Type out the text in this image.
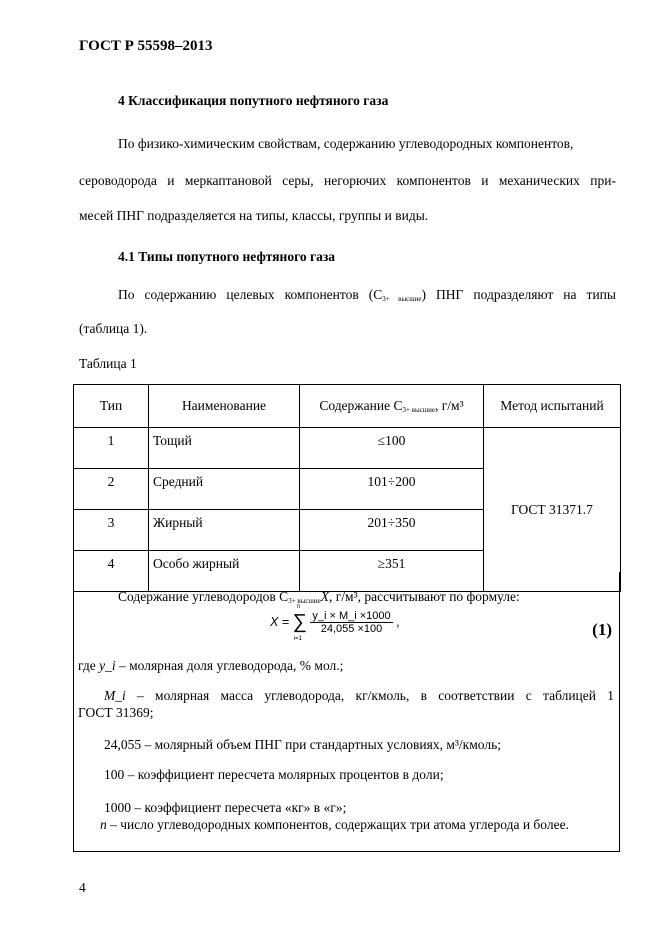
ГОСТ Р 55598–2013
4 Классификация попутного нефтяного газа
По физико-химическим свойствам, содержанию углеводородных компонентов,
сероводорода и меркаптановой серы, негорючих компонентов и механических при-
месей ПНГ подразделяется на типы, классы, группы и виды.
4.1 Типы попутного нефтяного газа
По содержанию целевых компонентов $(С_{3+ высшие})$ ПНГ подразделяют на типы
(таблица 1).
Таблица 1
Тип	Наименование	Содержание $С_{3+ высшие}$, г/м³	Метод испытаний
1	Тощий	≤100	ГОСТ 31371.7
2	Средний	101÷200	
3	Жирный	201÷350	
4	Особо жирный	≥351	
Содержание углеводородов $С_{3+ высшие}X$, г/м³, рассчитывают по формуле:
X = ∑
n
i=1

$\frac{y\_i \times M\_i \times 1000}{24,055 \times 100}$ ,	(1)
где y_i – молярная доля углеводорода, % мол.;
M_i – молярная масса углеводорода, кг/кмоль, в соответствии с таблицей 1
ГОСТ 31369;
24,055 – молярный объем ПНГ при стандартных условиях, м³/кмоль;
100 – коэффициент пересчета молярных процентов в доли;
1000 – коэффициент пересчета «кг» в «г»;
n – число углеводородных компонентов, содержащих три атома углерода и более.
4
